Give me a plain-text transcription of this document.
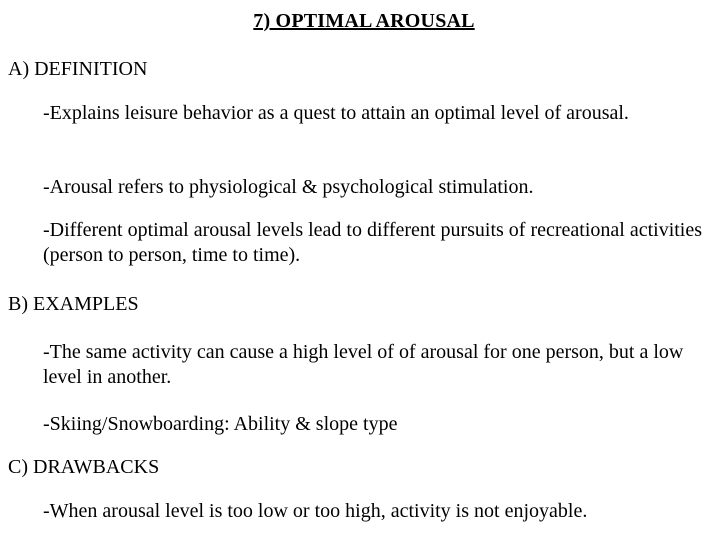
7) OPTIMAL AROUSAL
A) DEFINITION
-Explains leisure behavior as a quest to attain an optimal level of arousal.
-Arousal refers to physiological & psychological stimulation.
-Different optimal arousal levels lead to different pursuits of recreational activities (person to person, time to time).
B) EXAMPLES
-The same activity can cause a high level of of arousal for one person, but a low level in another.
-Skiing/Snowboarding: Ability & slope type
C) DRAWBACKS
-When arousal level is too low or too high, activity is not enjoyable.
